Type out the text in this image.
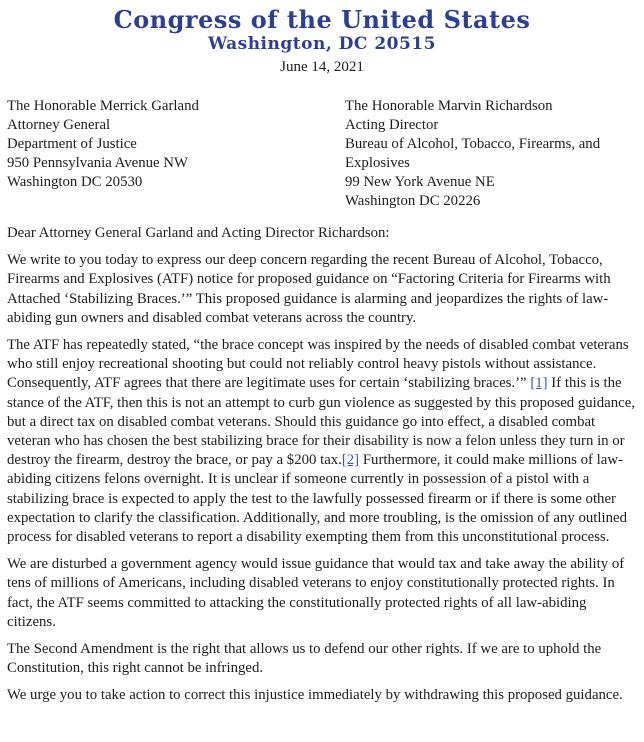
Congress of the United States
Washington, DC 20515
June 14, 2021
The Honorable Merrick Garland
Attorney General
Department of Justice
950 Pennsylvania Avenue NW
Washington DC 20530
The Honorable Marvin Richardson
Acting Director
Bureau of Alcohol, Tobacco, Firearms, and
Explosives
99 New York Avenue NE
Washington DC 20226

Dear Attorney General Garland and Acting Director Richardson:

We write to you today to express our deep concern regarding the recent Bureau of Alcohol, Tobacco, Firearms and Explosives (ATF) notice for proposed guidance on “Factoring Criteria for Firearms with Attached ‘Stabilizing Braces.’” This proposed guidance is alarming and jeopardizes the rights of law-abiding gun owners and disabled combat veterans across the country.

The ATF has repeatedly stated, “the brace concept was inspired by the needs of disabled combat veterans who still enjoy recreational shooting but could not reliably control heavy pistols without assistance. Consequently, ATF agrees that there are legitimate uses for certain ‘stabilizing braces.’” [1] If this is the stance of the ATF, then this is not an attempt to curb gun violence as suggested by this proposed guidance, but a direct tax on disabled combat veterans. Should this guidance go into effect, a disabled combat veteran who has chosen the best stabilizing brace for their disability is now a felon unless they turn in or destroy the firearm, destroy the brace, or pay a $200 tax.[2] Furthermore, it could make millions of law-abiding citizens felons overnight. It is unclear if someone currently in possession of a pistol with a stabilizing brace is expected to apply the test to the lawfully possessed firearm or if there is some other expectation to clarify the classification. Additionally, and more troubling, is the omission of any outlined process for disabled veterans to report a disability exempting them from this unconstitutional process.

We are disturbed a government agency would issue guidance that would tax and take away the ability of tens of millions of Americans, including disabled veterans to enjoy constitutionally protected rights. In fact, the ATF seems committed to attacking the constitutionally protected rights of all law-abiding citizens.

The Second Amendment is the right that allows us to defend our other rights. If we are to uphold the Constitution, this right cannot be infringed.

We urge you to take action to correct this injustice immediately by withdrawing this proposed guidance.
